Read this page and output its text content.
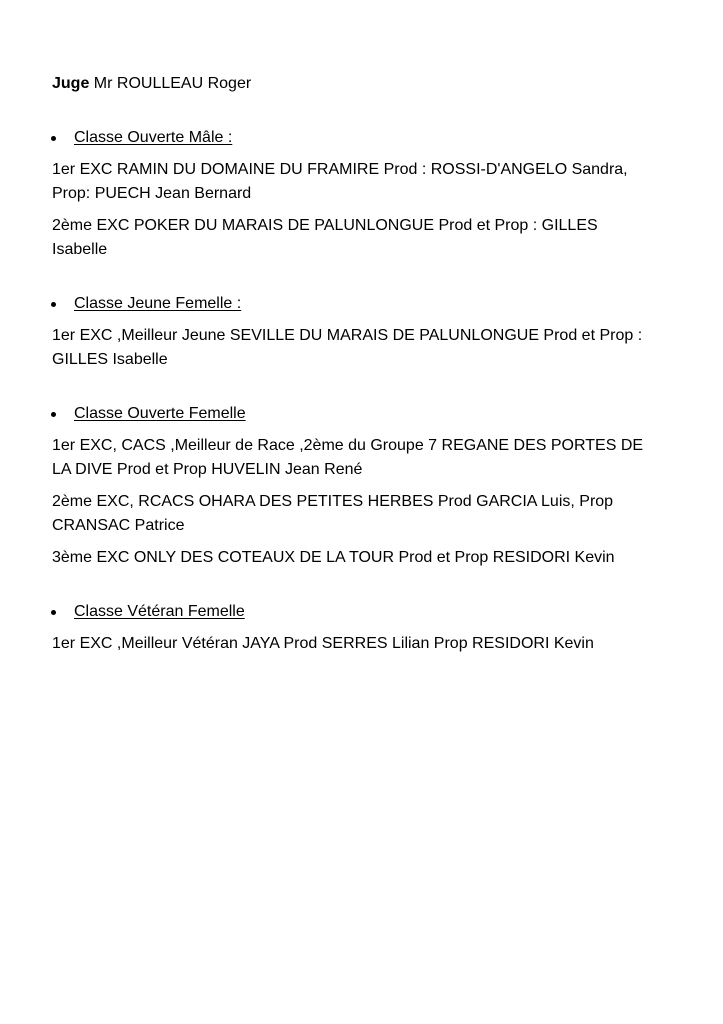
Juge Mr ROULLEAU Roger

Classe Ouverte Mâle :

1er EXC RAMIN DU DOMAINE DU FRAMIRE Prod : ROSSI-D'ANGELO Sandra, Prop: PUECH Jean Bernard

2ème EXC POKER DU MARAIS DE PALUNLONGUE Prod et Prop : GILLES Isabelle

Classe Jeune Femelle :

1er EXC ,Meilleur Jeune SEVILLE DU MARAIS DE PALUNLONGUE Prod et Prop : GILLES Isabelle

Classe Ouverte Femelle

1er EXC, CACS ,Meilleur de Race ,2ème du Groupe 7 REGANE DES PORTES DE LA DIVE Prod et Prop HUVELIN Jean René

2ème EXC, RCACS OHARA DES PETITES HERBES Prod GARCIA Luis, Prop CRANSAC Patrice

3ème EXC ONLY DES COTEAUX DE LA TOUR Prod et Prop RESIDORI Kevin

Classe Vétéran Femelle

1er EXC ,Meilleur Vétéran JAYA Prod SERRES Lilian Prop RESIDORI Kevin
